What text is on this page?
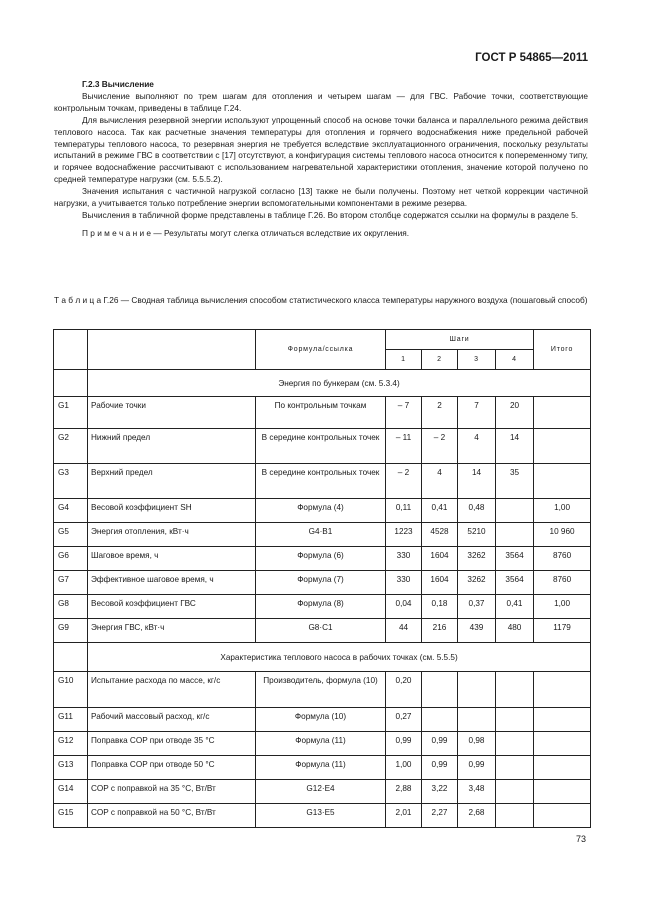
ГОСТ Р 54865—2011

Г.2.3 Вычисление

Вычисление выполняют по трем шагам для отопления и четырем шагам — для ГВС. Рабочие точки, соответствующие контрольным точкам, приведены в таблице Г.24.

Для вычисления резервной энергии используют упрощенный способ на основе точки баланса и параллельного режима действия теплового насоса. Так как расчетные значения температуры для отопления и горячего водоснабжения ниже предельной рабочей температуры теплового насоса, то резервная энергия не требуется вследствие эксплуатационного ограничения, поскольку результаты испытаний в режиме ГВС в соответствии с [17] отсутствуют, а конфигурация системы теплового насоса относится к попеременному типу, и горячее водоснабжение рассчитывают с использованием нагревательной характеристики отопления, значение которой получено по средней температуре нагрузки (см. 5.5.5.2).

Значения испытания с частичной нагрузкой согласно [13] также не были получены. Поэтому нет четкой коррекции частичной нагрузки, а учитывается только потребление энергии вспомогательными компонентами в режиме резерва.

Вычисления в табличной форме представлены в таблице Г.26. Во втором столбце содержатся ссылки на формулы в разделе 5.

П р и м е ч а н и е — Результаты могут слегка отличаться вследствие их округления.

Т а б л и ц а Г.26 — Сводная таблица вычисления способом статистического класса температуры наружного воздуха (пошаговый способ)
		Формула/ссылка	Шаги				Итого
			1	2	3	4	
	Энергия по бункерам (см. 5.3.4)						
G1	Рабочие точки	По контрольным точкам	– 7	2	7	20	
G2	Нижний предел	В середине контрольных точек	– 11	– 2	4	14	
G3	Верхний предел	В середине контрольных точек	– 2	4	14	35	
G4	Весовой коэффициент SH	Формула (4)	0,11	0,41	0,48		1,00
G5	Энергия отопления, кВт·ч	G4·B1	1223	4528	5210		10 960
G6	Шаговое время, ч	Формула (6)	330	1604	3262	3564	8760
G7	Эффективное шаговое время, ч	Формула (7)	330	1604	3262	3564	8760
G8	Весовой коэффициент ГВС	Формула (8)	0,04	0,18	0,37	0,41	1,00
G9	Энергия ГВС, кВт·ч	G8·C1	44	216	439	480	1179
	Характеристика теплового насоса в рабочих точках (см. 5.5.5)						
G10	Испытание расхода по массе, кг/с	Производитель, формула (10)	0,20				
G11	Рабочий массовый расход, кг/с	Формула (10)	0,27				
G12	Поправка COP при отводе 35 °С	Формула (11)	0,99	0,99	0,98		
G13	Поправка COP при отводе 50 °С	Формула (11)	1,00	0,99	0,99		
G14	COP с поправкой на 35 °С, Вт/Вт	G12·E4	2,88	3,22	3,48		
G15	COP с поправкой на 50 °С, Вт/Вт	G13·E5	2,01	2,27	2,68		
73
